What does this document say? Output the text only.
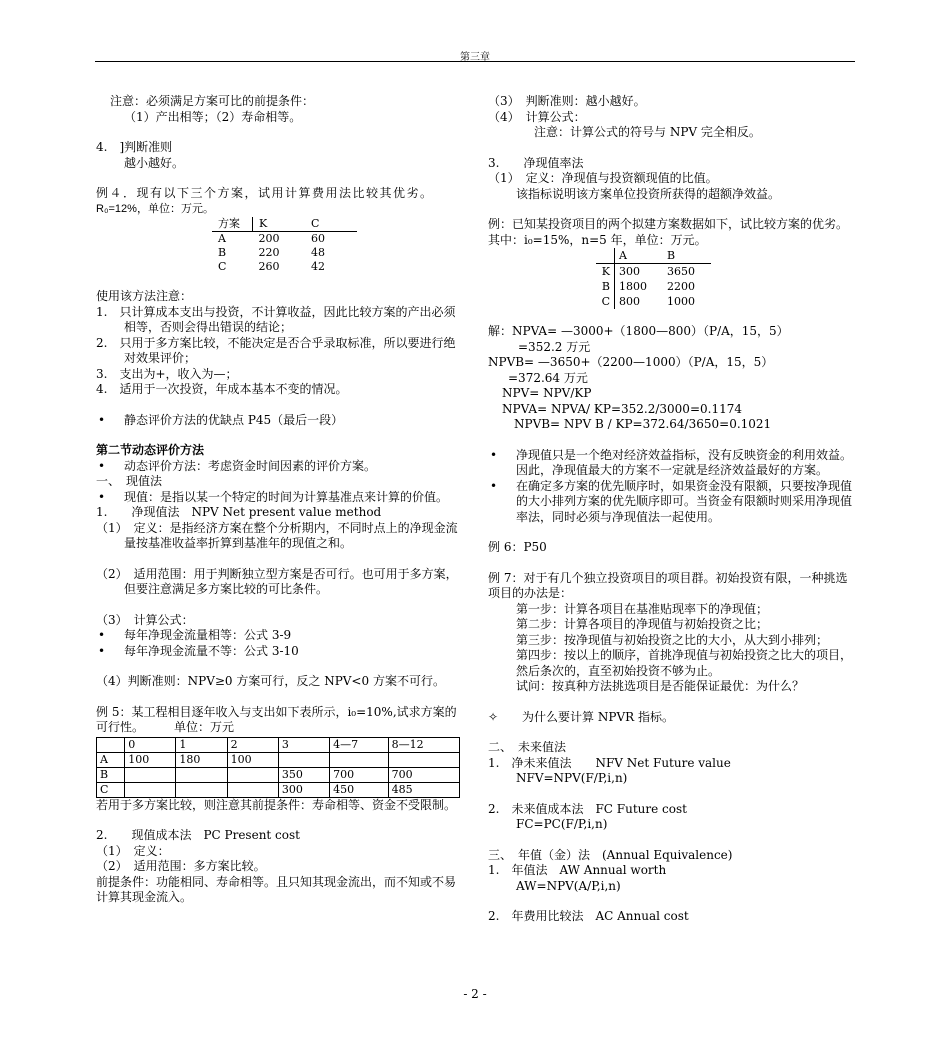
第三章

注意：必须满足方案可比的前提条件：

（1）产出相等；（2）寿命相等。

4.　]判断准则

越小越好。

例４．现有以下三个方案，试用计算费用法比较其优劣。

R₀=12%，单位：万元。

方案	K	C
A	200	60
B	220	48
C	260	42

使用该方法注意：

1.　只计算成本支出与投资，不计算收益，因此比较方案的产出必须相等，否则会得出错误的结论；

2.　只用于多方案比较，不能决定是否合乎录取标准，所以要进行绝对效果评价；

3.　支出为+，收入为—；

4.　适用于一次投资，年成本基本不变的情况。

• 静态评价方法的优缺点 P45（最后一段）

第二节动态评价方法

• 动态评价方法：考虑资金时间因素的评价方案。

一、　现值法

• 现值：是指以某一个特定的时间为计算基准点来计算的价值。

1.　　净现值法　NPV Net present value method

（1）　定义：是指经济方案在整个分析期内，不同时点上的净现金流量按基准收益率折算到基准年的现值之和。

（2）　适用范围：用于判断独立型方案是否可行。也可用于多方案，但要注意满足多方案比较的可比条件。

（3）　计算公式：

• 每年净现金流量相等：公式 3-9

• 每年净现金流量不等：公式 3-10

（4）判断准则：NPV≥0 方案可行，反之 NPV<0 方案不可行。

例 5：某工程相目逐年收入与支出如下表所示，i₀=10%,试求方案的可行性。　　　单位：万元

	0	1	2	3	4—7	8—12
A	100	180	100			
B				350	700	700
C				300	450	485

若用于多方案比较，则注意其前提条件：寿命相等、资金不受限制。

2.　　现值成本法　PC Present cost

（1）　定义：

（2）　适用范围：多方案比较。

前提条件：功能相同、寿命相等。且只知其现金流出，而不知或不易计算其现金流入。

（3）　判断准则：越小越好。

（4）　计算公式：

注意：计算公式的符号与 NPV 完全相反。

3.　　净现值率法

（1）　定义：净现值与投资额现值的比值。

该指标说明该方案单位投资所获得的超额净效益。

例：已知某投资项目的两个拟建方案数据如下，试比较方案的优劣。其中：i₀=15%，n=5 年，单位：万元。

	A	B
K	300	3650
B	1800	2200
C	800	1000

解：NPVA= —3000+（1800—800）（P/A，15，5）

=352.2 万元

NPVB= —3650+（2200—1000）（P/A，15，5）

=372.64 万元

NPV= NPV/KP

NPVA= NPVA/ KP=352.2/3000=0.1174

NPVB= NPV B / KP=372.64/3650=0.1021

• 净现值只是一个绝对经济效益指标，没有反映资金的利用效益。因此，净现值最大的方案不一定就是经济效益最好的方案。

• 在确定多方案的优先顺序时，如果资金没有限额，只要按净现值的大小排列方案的优先顺序即可。当资金有限额时则采用净现值率法，同时必须与净现值法一起使用。

例 6：P50

例 7：对于有几个独立投资项目的项目群。初始投资有限，一种挑选项目的办法是：

第一步：计算各项目在基准贴现率下的净现值；

第二步：计算各项目的净现值与初始投资之比；

第三步：按净现值与初始投资之比的大小，从大到小排列；

第四步：按以上的顺序，首挑净现值与初始投资之比大的项目，然后条次的，直至初始投资不够为止。

试问：按真种方法挑选项目是否能保证最优：为什么？

✧　　为什么要计算 NPVR 指标。

二、　未来值法

1.　净未来值法　　NFV Net Future value

NFV=NPV(F/P,i,n)

2.　未来值成本法　FC Future cost

FC=PC(F/P,i,n)

三、　年值（金）法　(Annual Equivalence)

1.　年值法　AW Annual worth

AW=NPV(A/P,i,n)

2.　年费用比较法　AC Annual cost

- 2 -
